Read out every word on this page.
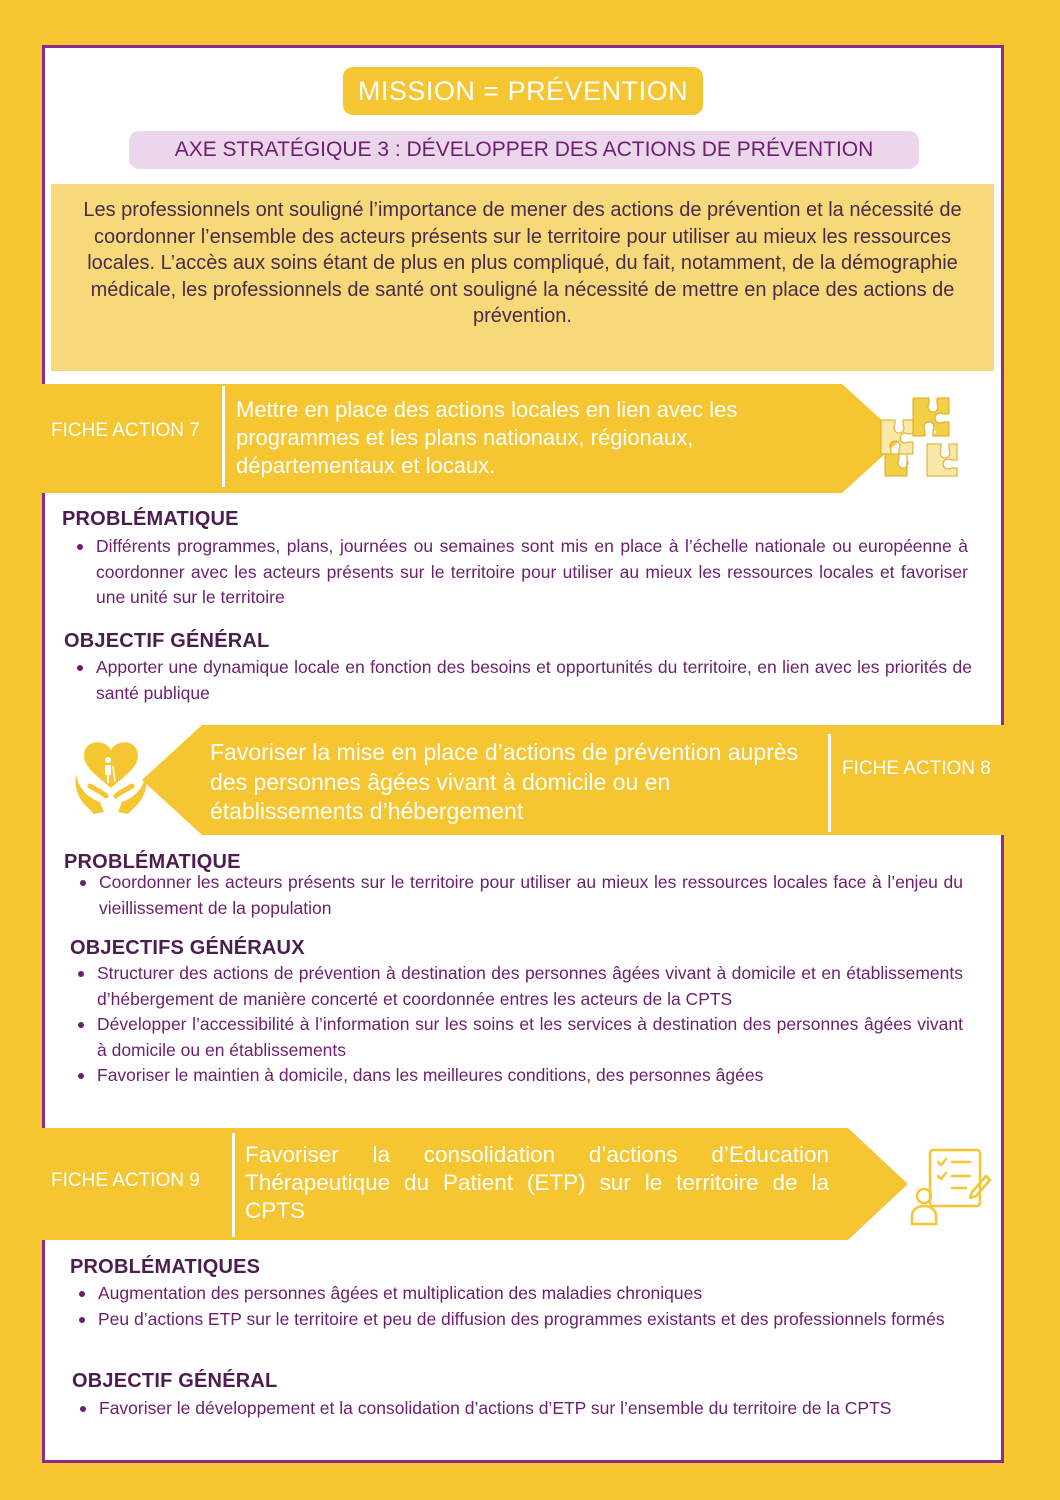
MISSION = PRÉVENTION
AXE STRATÉGIQUE 3 : DÉVELOPPER DES ACTIONS DE PRÉVENTION
Les professionnels ont souligné l’importance de mener des actions de prévention et la nécessité de coordonner l’ensemble des acteurs présents sur le territoire pour utiliser au mieux les ressources locales. L’accès aux soins étant de plus en plus compliqué, du fait, notamment, de la démographie médicale, les professionnels de santé ont souligné la nécessité de mettre en place des actions de prévention.
FICHE ACTION 7
Mettre en place des actions locales en lien avec les programmes et les plans nationaux, régionaux, départementaux et locaux.
PROBLÉMATIQUE
Différents programmes, plans, journées ou semaines sont mis en place à l’échelle nationale ou européenne à coordonner avec les acteurs présents sur le territoire pour utiliser au mieux les ressources locales et favoriser une unité sur le territoire
OBJECTIF GÉNÉRAL
Apporter une dynamique locale en fonction des besoins et opportunités du territoire, en lien avec les priorités de santé publique
Favoriser la mise en place d’actions de prévention auprès des personnes âgées vivant à domicile ou en établissements d’hébergement
FICHE ACTION 8
PROBLÉMATIQUE
Coordonner les acteurs présents sur le territoire pour utiliser au mieux les ressources locales face à l’enjeu du vieillissement de la population
OBJECTIFS GÉNÉRAUX
Structurer des actions de prévention à destination des personnes âgées vivant à domicile et en établissements d’hébergement de manière concerté et coordonnée entres les acteurs de la CPTS
Développer l’accessibilité à l’information sur les soins et les services à destination des personnes âgées vivant à domicile ou en établissements
Favoriser le maintien à domicile, dans les meilleures conditions, des personnes âgées
FICHE ACTION 9
Favoriser la consolidation d’actions d’Education Thérapeutique du Patient (ETP) sur le territoire de la CPTS
PROBLÉMATIQUES
Augmentation des personnes âgées et multiplication des maladies chroniques
Peu d’actions ETP sur le territoire et peu de diffusion des programmes existants et des professionnels formés
OBJECTIF GÉNÉRAL
Favoriser le développement et la consolidation d’actions d’ETP sur l’ensemble du territoire de la CPTS
